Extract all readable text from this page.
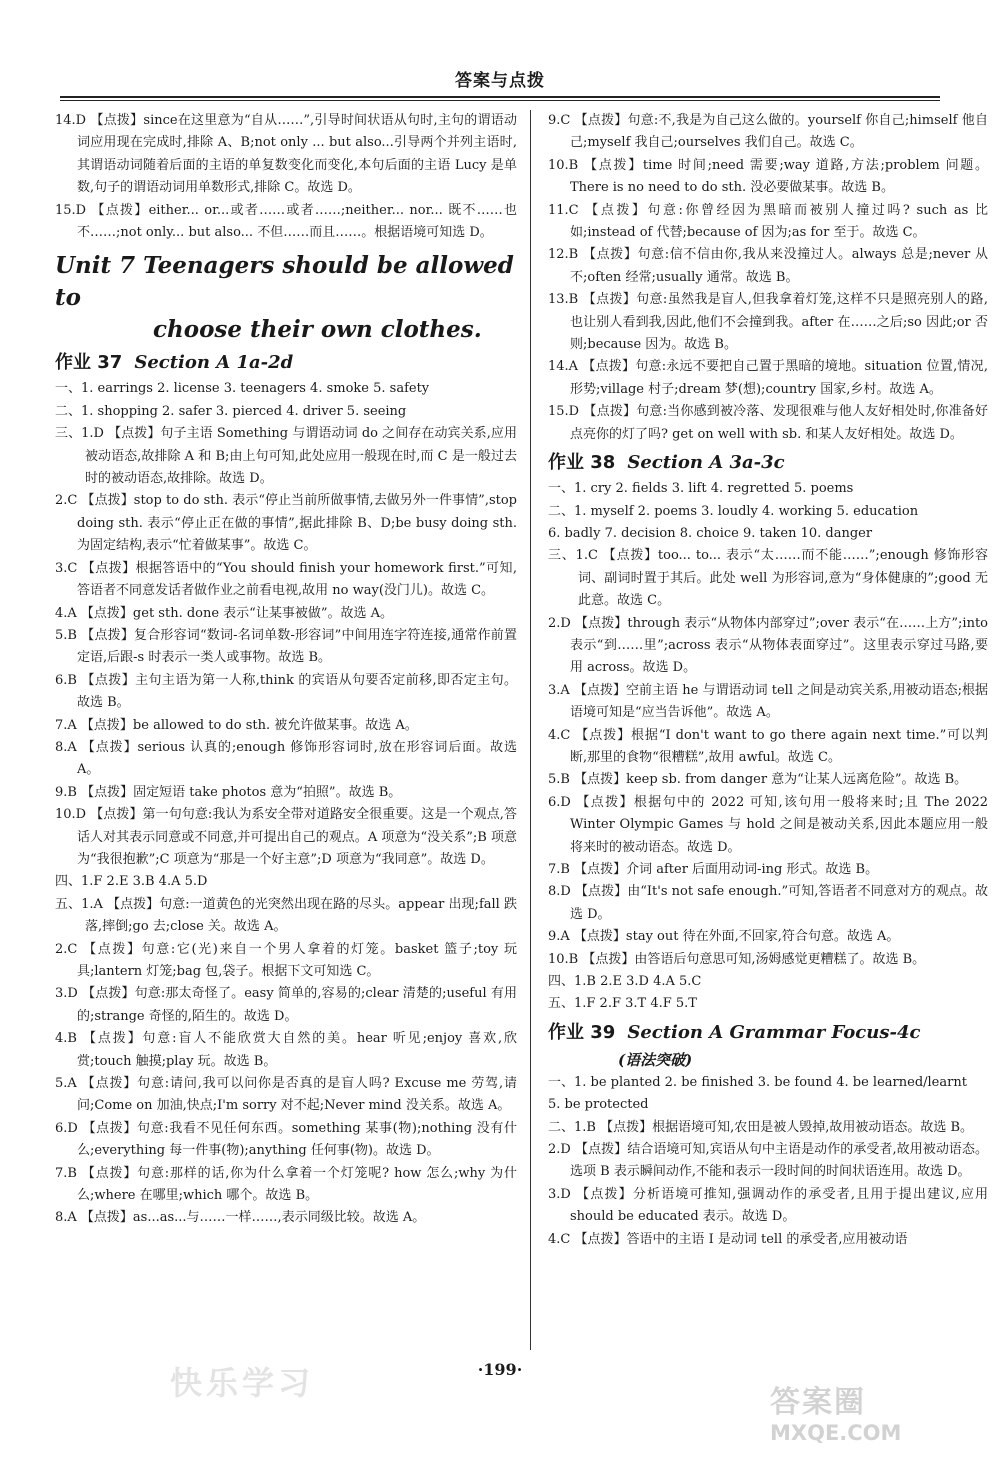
答案与点拨

14.D 【点拨】since在这里意为“自从……”,引导时间状语从句时,主句的谓语动词应用现在完成时,排除 A、B;not only ... but also...引导两个并列主语时,其谓语动词随着后面的主语的单复数变化而变化,本句后面的主语 Lucy 是单数,句子的谓语动词用单数形式,排除 C。故选 D。

15.D 【点拨】either... or...或者……或者……;neither... nor... 既不……也不……;not only... but also... 不但……而且……。根据语境可知选 D。

Unit 7 Teenagers should be allowed to
choose their own clothes.
作业 37 Section A 1a-2d

一、1. earrings 2. license 3. teenagers 4. smoke 5. safety

二、1. shopping 2. safer 3. pierced 4. driver 5. seeing

三、1.D 【点拨】句子主语 Something 与谓语动词 do 之间存在动宾关系,应用被动语态,故排除 A 和 B;由上句可知,此处应用一般现在时,而 C 是一般过去时的被动语态,故排除。故选 D。

2.C 【点拨】stop to do sth. 表示“停止当前所做事情,去做另外一件事情”,stop doing sth. 表示“停止正在做的事情”,据此排除 B、D;be busy doing sth. 为固定结构,表示“忙着做某事”。故选 C。

3.C 【点拨】根据答语中的“You should finish your homework first.”可知,答语者不同意发话者做作业之前看电视,故用 no way(没门儿)。故选 C。

4.A 【点拨】get sth. done 表示“让某事被做”。故选 A。

5.B 【点拨】复合形容词“数词-名词单数-形容词”中间用连字符连接,通常作前置定语,后跟-s 时表示一类人或事物。故选 B。

6.B 【点拨】主句主语为第一人称,think 的宾语从句要否定前移,即否定主句。故选 B。

7.A 【点拨】be allowed to do sth. 被允许做某事。故选 A。

8.A 【点拨】serious 认真的;enough 修饰形容词时,放在形容词后面。故选 A。

9.B 【点拨】固定短语 take photos 意为“拍照”。故选 B。

10.D 【点拨】第一句句意:我认为系安全带对道路安全很重要。这是一个观点,答话人对其表示同意或不同意,并可提出自己的观点。A 项意为“没关系”;B 项意为“我很抱歉”;C 项意为“那是一个好主意”;D 项意为“我同意”。故选 D。

四、1.F 2.E 3.B 4.A 5.D

五、1.A 【点拨】句意:一道黄色的光突然出现在路的尽头。appear 出现;fall 跌落,摔倒;go 去;close 关。故选 A。

2.C 【点拨】句意:它(光)来自一个男人拿着的灯笼。basket 篮子;toy 玩具;lantern 灯笼;bag 包,袋子。根据下文可知选 C。

3.D 【点拨】句意:那太奇怪了。easy 简单的,容易的;clear 清楚的;useful 有用的;strange 奇怪的,陌生的。故选 D。

4.B 【点拨】句意:盲人不能欣赏大自然的美。hear 听见;enjoy 喜欢,欣赏;touch 触摸;play 玩。故选 B。

5.A 【点拨】句意:请问,我可以问你是否真的是盲人吗? Excuse me 劳驾,请问;Come on 加油,快点;I'm sorry 对不起;Never mind 没关系。故选 A。

6.D 【点拨】句意:我看不见任何东西。something 某事(物);nothing 没有什么;everything 每一件事(物);anything 任何事(物)。故选 D。

7.B 【点拨】句意:那样的话,你为什么拿着一个灯笼呢? how 怎么;why 为什么;where 在哪里;which 哪个。故选 B。

8.A 【点拨】as...as...与……一样……,表示同级比较。故选 A。

9.C 【点拨】句意:不,我是为自己这么做的。yourself 你自己;himself 他自己;myself 我自己;ourselves 我们自己。故选 C。

10.B 【点拨】time 时间;need 需要;way 道路,方法;problem 问题。There is no need to do sth. 没必要做某事。故选 B。

11.C 【点拨】句意:你曾经因为黑暗而被别人撞过吗? such as 比如;instead of 代替;because of 因为;as for 至于。故选 C。

12.B 【点拨】句意:信不信由你,我从来没撞过人。always 总是;never 从不;often 经常;usually 通常。故选 B。

13.B 【点拨】句意:虽然我是盲人,但我拿着灯笼,这样不只是照亮别人的路,也让别人看到我,因此,他们不会撞到我。after 在……之后;so 因此;or 否则;because 因为。故选 B。

14.A 【点拨】句意:永远不要把自己置于黑暗的境地。situation 位置,情况,形势;village 村子;dream 梦(想);country 国家,乡村。故选 A。

15.D 【点拨】句意:当你感到被冷落、发现很难与他人友好相处时,你准备好点亮你的灯了吗? get on well with sb. 和某人友好相处。故选 D。

作业 38 Section A 3a-3c

一、1. cry 2. fields 3. lift 4. regretted 5. poems

二、1. myself 2. poems 3. loudly 4. working 5. education

6. badly 7. decision 8. choice 9. taken 10. danger

三、1.C 【点拨】too... to... 表示“太……而不能……”;enough 修饰形容词、副词时置于其后。此处 well 为形容词,意为“身体健康的”;good 无此意。故选 C。

2.D 【点拨】through 表示“从物体内部穿过”;over 表示“在……上方”;into 表示“到……里”;across 表示“从物体表面穿过”。这里表示穿过马路,要用 across。故选 D。

3.A 【点拨】空前主语 he 与谓语动词 tell 之间是动宾关系,用被动语态;根据语境可知是“应当告诉他”。故选 A。

4.C 【点拨】根据“I don't want to go there again next time.”可以判断,那里的食物“很糟糕”,故用 awful。故选 C。

5.B 【点拨】keep sb. from danger 意为“让某人远离危险”。故选 B。

6.D 【点拨】根据句中的 2022 可知,该句用一般将来时;且 The 2022 Winter Olympic Games 与 hold 之间是被动关系,因此本题应用一般将来时的被动语态。故选 D。

7.B 【点拨】介词 after 后面用动词-ing 形式。故选 B。

8.D 【点拨】由“It's not safe enough.”可知,答语者不同意对方的观点。故选 D。

9.A 【点拨】stay out 待在外面,不回家,符合句意。故选 A。

10.B 【点拨】由答语后句意思可知,汤姆感觉更糟糕了。故选 B。

四、1.B 2.E 3.D 4.A 5.C

五、1.F 2.F 3.T 4.F 5.T

作业 39 Section A Grammar Focus-4c
(语法突破)

一、1. be planted 2. be finished 3. be found 4. be learned/learnt

5. be protected

二、1.B 【点拨】根据语境可知,农田是被人毁掉,故用被动语态。故选 B。

2.D 【点拨】结合语境可知,宾语从句中主语是动作的承受者,故用被动语态。选项 B 表示瞬间动作,不能和表示一段时间的时间状语连用。故选 D。

3.D 【点拨】分析语境可推知,强调动作的承受者,且用于提出建议,应用 should be educated 表示。故选 D。

4.C 【点拨】答语中的主语 I 是动词 tell 的承受者,应用被动语

快乐学习	·199·
答案圈
MXQE.COM
